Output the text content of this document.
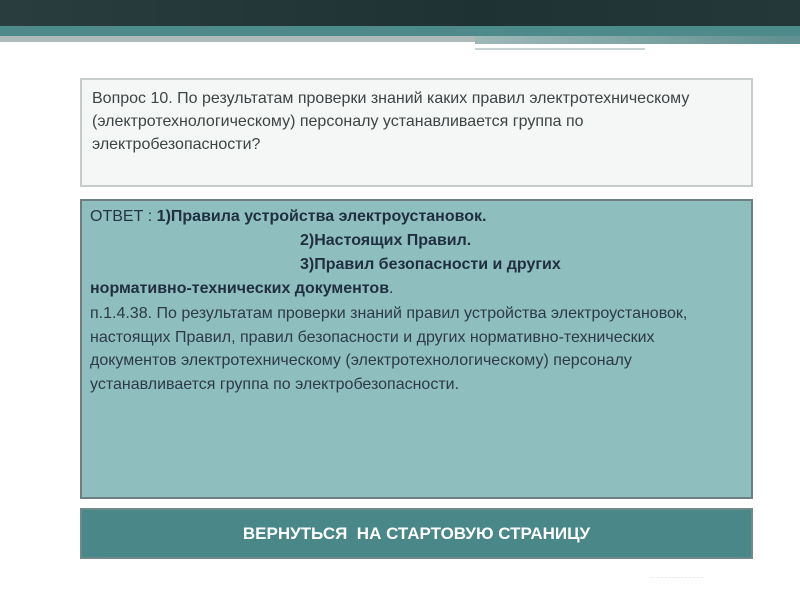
Вопрос 10. По результатам проверки знаний каких правил электротехническому (электротехнологическому) персоналу устанавливается группа по электробезопасности?
ОТВЕТ : 1)Правила устройства электроустановок.
2)Настоящих Правил.
3)Правил безопасности и других
нормативно-технических документов.
п.1.4.38. По результатам проверки знаний правил устройства электроустановок, настоящих Правил, правил безопасности и других нормативно-технических документов электротехническому (электротехнологическому) персоналу устанавливается группа по электробезопасности.
ВЕРНУТЬСЯ  НА СТАРТОВУЮ СТРАНИЦУ
·········································
